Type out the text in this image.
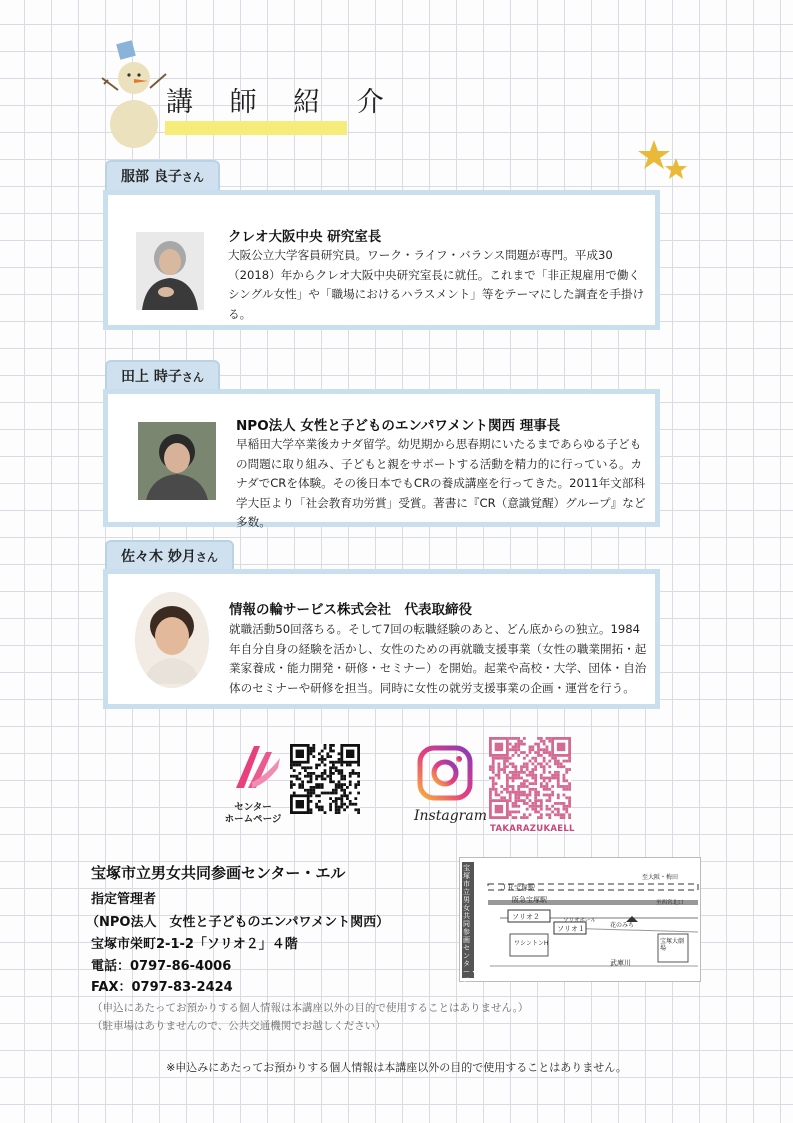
講 師 紹 介
服部 良子さん
クレオ大阪中央 研究室長

大阪公立大学客員研究員。ワーク・ライフ・バランス問題が専門。平成30（2018）年からクレオ大阪中央研究室長に就任。これまで「非正規雇用で働くシングル女性」や「職場におけるハラスメント」等をテーマにした調査を手掛ける。

田上 時子さん
NPO法人 女性と子どものエンパワメント関西 理事長

早稲田大学卒業後カナダ留学。幼児期から思春期にいたるまであらゆる子どもの問題に取り組み、子どもと親をサポートする活動を精力的に行っている。カナダでCRを体験。その後日本でもCRの養成講座を行ってきた。2011年文部科学大臣より「社会教育功労賞」受賞。著書に『CR（意識覚醒）グループ』など多数。

佐々木 妙月さん
情報の輪サービス株式会社　代表取締役

就職活動50回落ちる。そして7回の転職経験のあと、どん底からの独立。1984年自分自身の経験を活かし、女性のための再就職支援事業（女性の職業開拓・起業家養成・能力開発・研修・セミナー）を開始。起業や高校・大学、団体・自治体のセミナーや研修を担当。同時に女性の就労支援事業の企画・運営を行う。

センター
ホームページ	Instagram
TAKARAZUKAELL
宝塚市立男女共同参画センター・エル
指定管理者
（NPO法人　女性と子どものエンパワメント関西）
宝塚市栄町2-1-2「ソリオ２」４階
電話：0797-86-4006
FAX：0797-83-2424
（申込にあたってお預かりする個人情報は本講座以外の目的で使用することはありません。）
（駐車場はありませんので、公共交通機関でお越しください）
宝塚市立男女共同参画センター・エル
ＪＲ宝塚駅
阪急宝塚駅
至大阪・梅田
ソリオ２
ソリオ１
ソリオホール
ワシントンH
花のみち
武庫川
宝塚大劇場
至西宮北口
※申込みにあたってお預かりする個人情報は本講座以外の目的で使用することはありません。
